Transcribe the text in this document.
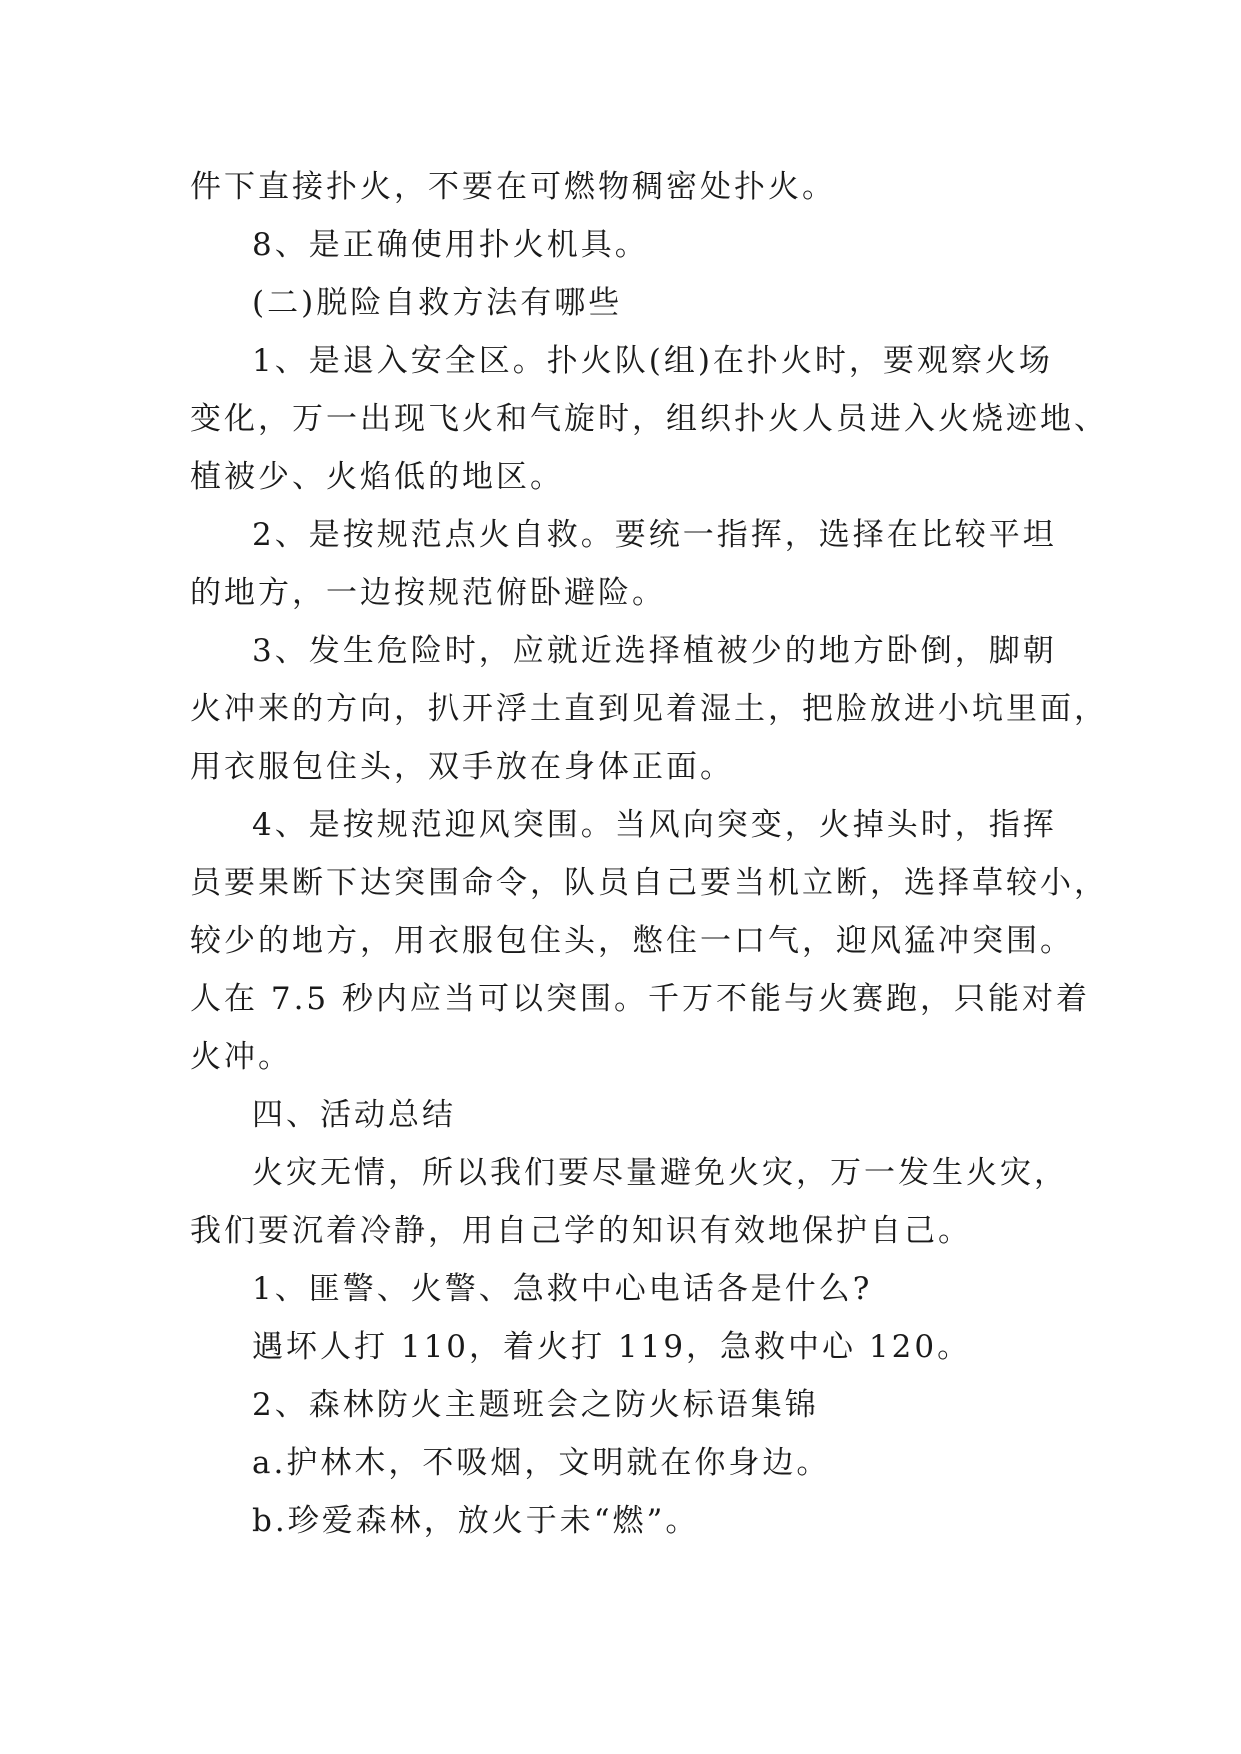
件下直接扑火，不要在可燃物稠密处扑火。

8、是正确使用扑火机具。

(二)脱险自救方法有哪些

1、是退入安全区。扑火队(组)在扑火时，要观察火场
变化，万一出现飞火和气旋时，组织扑火人员进入火烧迹地、
植被少、火焰低的地区。

2、是按规范点火自救。要统一指挥，选择在比较平坦
的地方，一边按规范俯卧避险。

3、发生危险时，应就近选择植被少的地方卧倒，脚朝
火冲来的方向，扒开浮土直到见着湿土，把脸放进小坑里面，
用衣服包住头，双手放在身体正面。

4、是按规范迎风突围。当风向突变，火掉头时，指挥
员要果断下达突围命令，队员自己要当机立断，选择草较小，
较少的地方，用衣服包住头，憋住一口气，迎风猛冲突围。
人在 7.5 秒内应当可以突围。千万不能与火赛跑，只能对着
火冲。

四、活动总结

火灾无情，所以我们要尽量避免火灾，万一发生火灾，
我们要沉着冷静，用自己学的知识有效地保护自己。

1、匪警、火警、急救中心电话各是什么?

遇坏人打 110，着火打 119，急救中心 120。

2、森林防火主题班会之防火标语集锦

a.护林木，不吸烟，文明就在你身边。

b.珍爱森林，放火于未“燃”。
